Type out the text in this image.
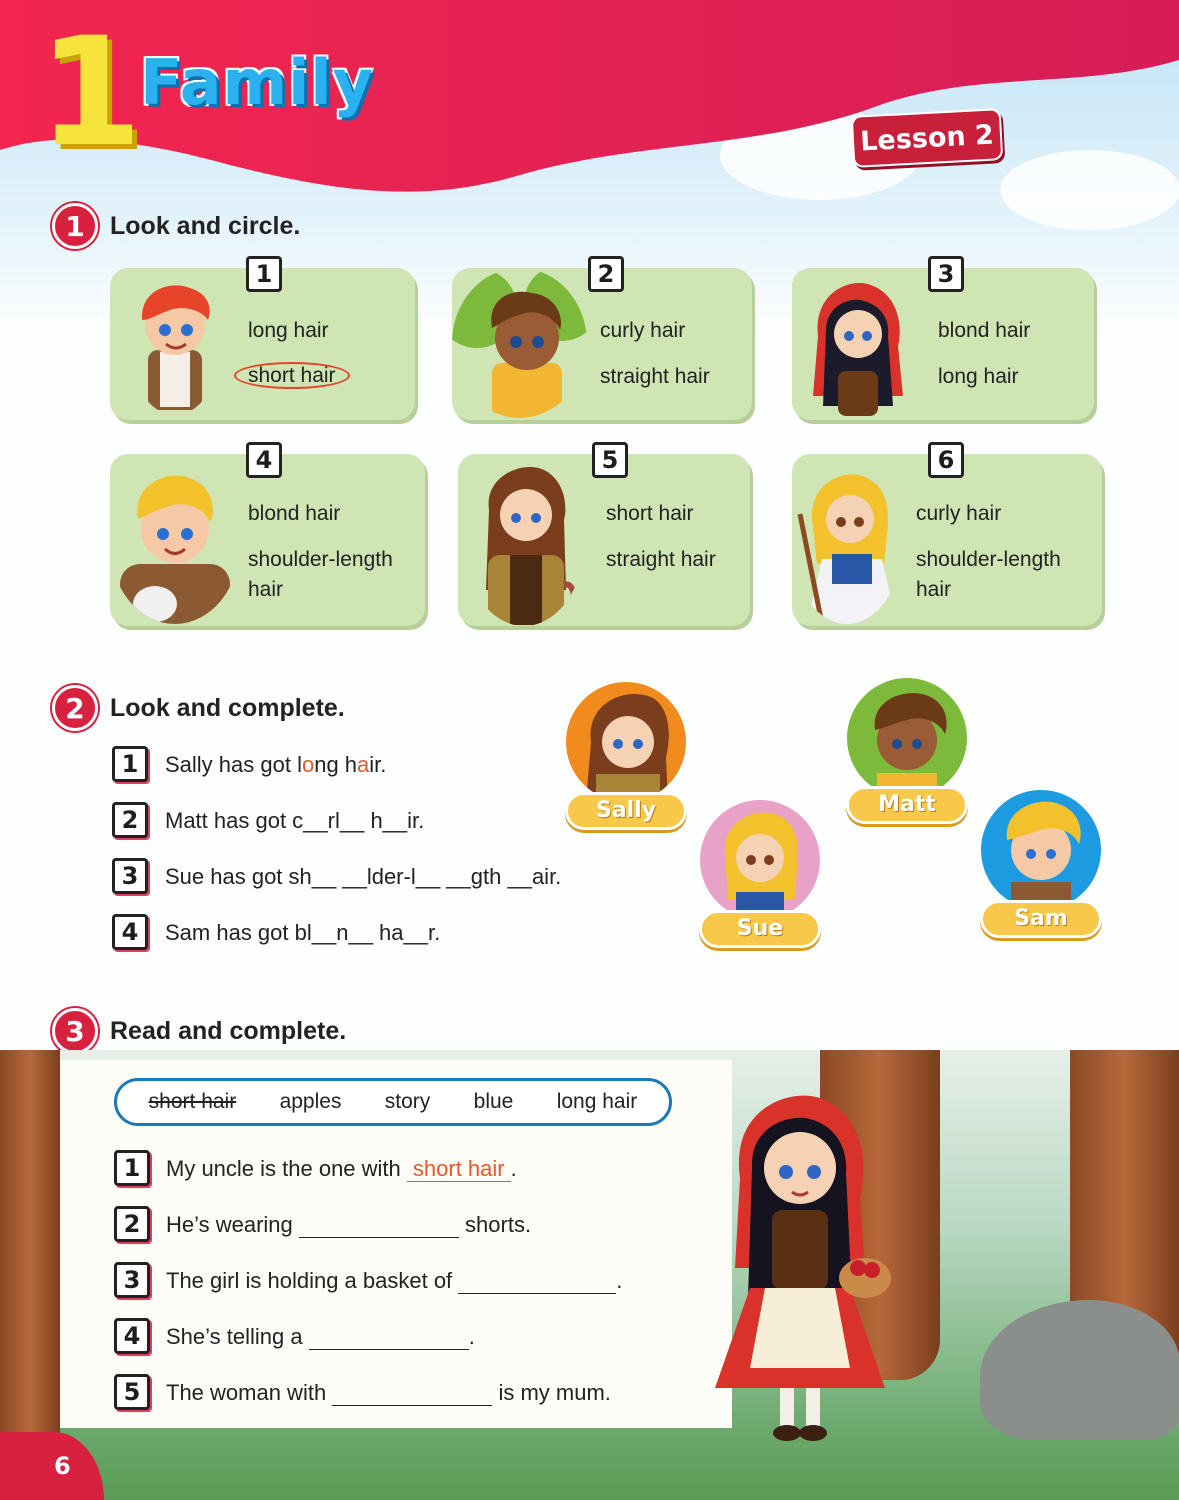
1
Family
Lesson 2
1	Look and circle.
1
long hair
short hair
2
curly hair
straight hair
3
blond hair
long hair
4
blond hair
shoulder-length
hair
5
short hair
straight hair
6
curly hair
shoulder-length
hair
2	Look and complete.
1	Sally has got long hair.
2	Matt has got c__rl__ h__ir.
3	Sue has got sh__ __lder-l__ __gth __air.
4	Sam has got bl__n__ ha__r.
Sally	Matt
Sue	Sam
3	Read and complete.
short hair apples story blue long hair
1	My uncle is the one with short hair .
2	He’s wearing	shorts.
3	The girl is holding a basket of	.
4	She’s telling a	.
5	The woman with	is my mum.
6
